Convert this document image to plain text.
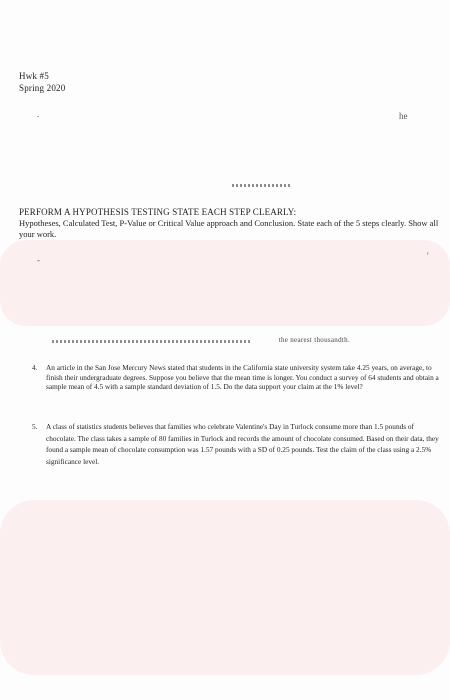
Hwk #5
Spring 2020
.	he
PERFORM A HYPOTHESIS TESTING STATE EACH STEP CLEARLY:
Hypotheses, Calculated Test, P-Value or Critical Value approach and Conclusion. State each of the 5 steps clearly. Show all your work.
-	'
the nearest thousandth.
4. An article in the San Jose Mercury News stated that students in the California state university system take 4.25 years, on average, to finish their undergraduate degrees. Suppose you believe that the mean time is longer. You conduct a survey of 64 students and obtain a sample mean of 4.5 with a sample standard deviation of 1.5. Do the data support your claim at the 1% level?
5. A class of statistics students believes that families who celebrate Valentine's Day in Turlock consume more than 1.5 pounds of chocolate. The class takes a sample of 80 families in Turlock and records the amount of chocolate consumed. Based on their data, they found a sample mean of chocolate consumption was 1.57 pounds with a SD of 0.25 pounds. Test the claim of the class using a 2.5% significance level.
